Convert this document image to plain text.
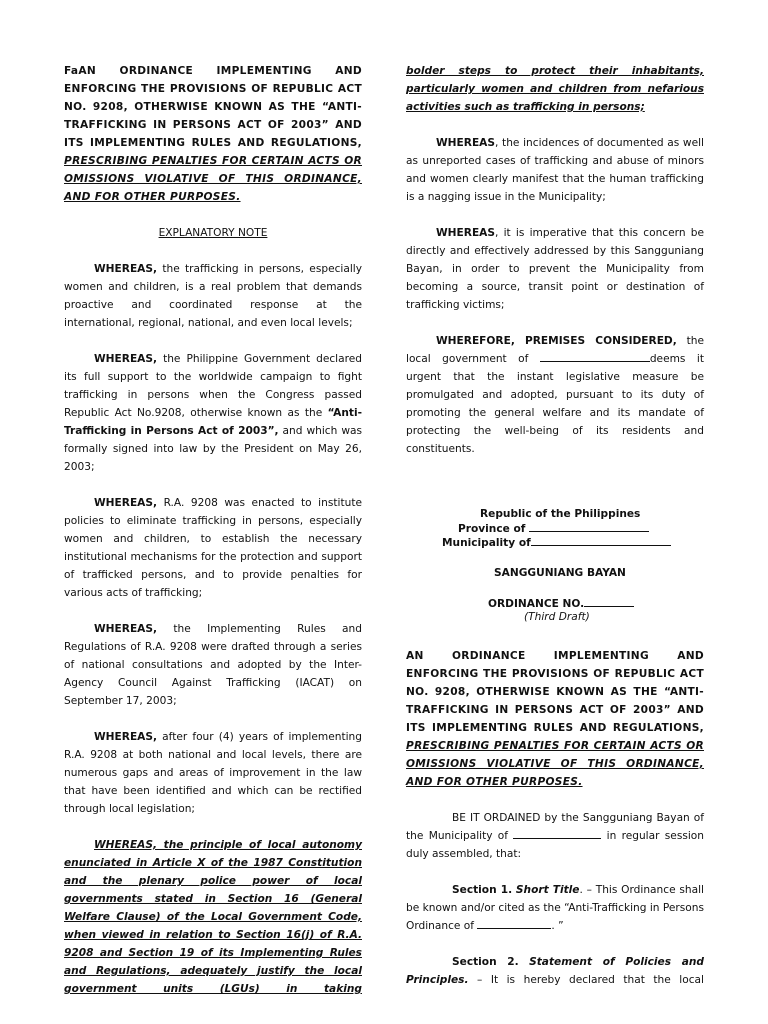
FaAN ORDINANCE IMPLEMENTING AND ENFORCING THE PROVISIONS OF REPUBLIC ACT NO. 9208, OTHERWISE KNOWN AS THE “ANTI-TRAFFICKING IN PERSONS ACT OF 2003” AND ITS IMPLEMENTING RULES AND REGULATIONS, PRESCRIBING PENALTIES FOR CERTAIN ACTS OR OMISSIONS VIOLATIVE OF THIS ORDINANCE, AND FOR OTHER PURPOSES.

EXPLANATORY NOTE

WHEREAS, the trafficking in persons, especially women and children, is a real problem that demands proactive and coordinated response at the international, regional, national, and even local levels;

WHEREAS, the Philippine Government declared its full support to the worldwide campaign to fight trafficking in persons when the Congress passed Republic Act No.9208, otherwise known as the “Anti-Trafficking in Persons Act of 2003”, and which was formally signed into law by the President on May 26, 2003;

WHEREAS, R.A. 9208 was enacted to institute policies to eliminate trafficking in persons, especially women and children, to establish the necessary institutional mechanisms for the protection and support of trafficked persons, and to provide penalties for various acts of trafficking;

WHEREAS, the Implementing Rules and Regulations of R.A. 9208 were drafted through a series of national consultations and adopted by the Inter-Agency Council Against Trafficking (IACAT) on September 17, 2003;

WHEREAS, after four (4) years of implementing R.A. 9208 at both national and local levels, there are numerous gaps and areas of improvement in the law that have been identified and which can be rectified through local legislation;

WHEREAS, the principle of local autonomy enunciated in Article X of the 1987 Constitution and the plenary police power of local governments stated in Section 16 (General Welfare Clause) of the Local Government Code, when viewed in relation to Section 16(j) of R.A. 9208 and Section 19 of its Implementing Rules and Regulations, adequately justify the local government units (LGUs) in taking

bolder steps to protect their inhabitants, particularly women and children from nefarious activities such as trafficking in persons;

WHEREAS, the incidences of documented as well as unreported cases of trafficking and abuse of minors and women clearly manifest that the human trafficking is a nagging issue in the Municipality;

WHEREAS, it is imperative that this concern be directly and effectively addressed by this Sangguniang Bayan, in order to prevent the Municipality from becoming a source, transit point or destination of trafficking victims;

WHEREFORE, PREMISES CONSIDERED, the local government of	deems it urgent that the instant legislative measure be promulgated and adopted, pursuant to its duty of promoting the general welfare and its mandate of protecting the well-being of its residents and constituents.

Republic of the Philippines
Province of
Municipality of
SANGGUNIANG BAYAN
ORDINANCE NO.
(Third Draft)

AN ORDINANCE IMPLEMENTING AND ENFORCING THE PROVISIONS OF REPUBLIC ACT NO. 9208, OTHERWISE KNOWN AS THE “ANTI-TRAFFICKING IN PERSONS ACT OF 2003” AND ITS IMPLEMENTING RULES AND REGULATIONS, PRESCRIBING PENALTIES FOR CERTAIN ACTS OR OMISSIONS VIOLATIVE OF THIS ORDINANCE, AND FOR OTHER PURPOSES.

BE IT ORDAINED by the Sangguniang Bayan of the Municipality of	in regular session duly assembled, that:

Section 1. Short Title. – This Ordinance shall be known and/or cited as the “Anti-Trafficking in Persons Ordinance of	. ”

Section 2. Statement of Policies and Principles. – It is hereby declared that the local
